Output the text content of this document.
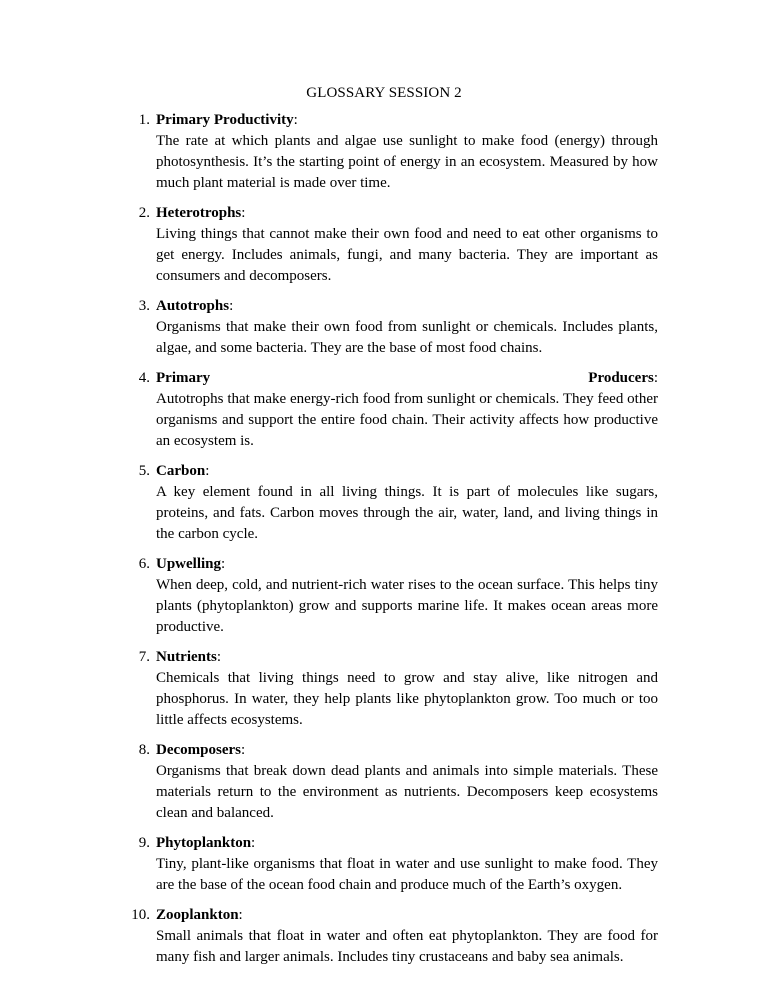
GLOSSARY SESSION 2
1. Primary Productivity:
The rate at which plants and algae use sunlight to make food (energy) through photosynthesis. It’s the starting point of energy in an ecosystem. Measured by how much plant material is made over time.
2. Heterotrophs:
Living things that cannot make their own food and need to eat other organisms to get energy. Includes animals, fungi, and many bacteria. They are important as consumers and decomposers.
3. Autotrophs:
Organisms that make their own food from sunlight or chemicals. Includes plants, algae, and some bacteria. They are the base of most food chains.
4. Primary	Producers:
Autotrophs that make energy-rich food from sunlight or chemicals. They feed other organisms and support the entire food chain. Their activity affects how productive an ecosystem is.
5. Carbon:
A key element found in all living things. It is part of molecules like sugars, proteins, and fats. Carbon moves through the air, water, land, and living things in the carbon cycle.
6. Upwelling:
When deep, cold, and nutrient-rich water rises to the ocean surface. This helps tiny plants (phytoplankton) grow and supports marine life. It makes ocean areas more productive.
7. Nutrients:
Chemicals that living things need to grow and stay alive, like nitrogen and phosphorus. In water, they help plants like phytoplankton grow. Too much or too little affects ecosystems.
8. Decomposers:
Organisms that break down dead plants and animals into simple materials. These materials return to the environment as nutrients. Decomposers keep ecosystems clean and balanced.
9. Phytoplankton:
Tiny, plant-like organisms that float in water and use sunlight to make food. They are the base of the ocean food chain and produce much of the Earth’s oxygen.
10. Zooplankton:
Small animals that float in water and often eat phytoplankton. They are food for many fish and larger animals. Includes tiny crustaceans and baby sea animals.
